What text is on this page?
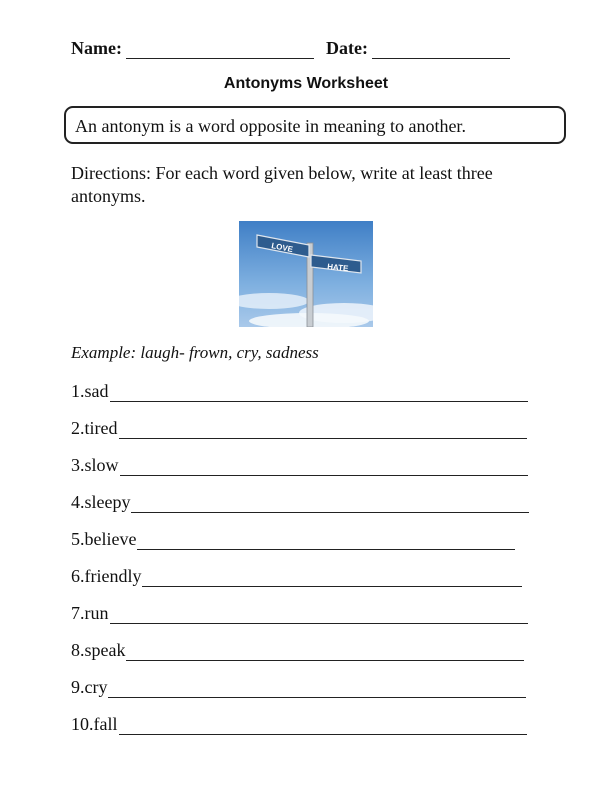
Name:	Date:
Antonyms Worksheet
An antonym is a word opposite in meaning to another.
Directions: For each word given below, write at least three antonyms.
LOVE
HATE
Example: laugh- frown, cry, sadness
1.sad
2.tired
3.slow
4.sleepy
5.believe
6.friendly
7.run
8.speak
9.cry
10.fall
